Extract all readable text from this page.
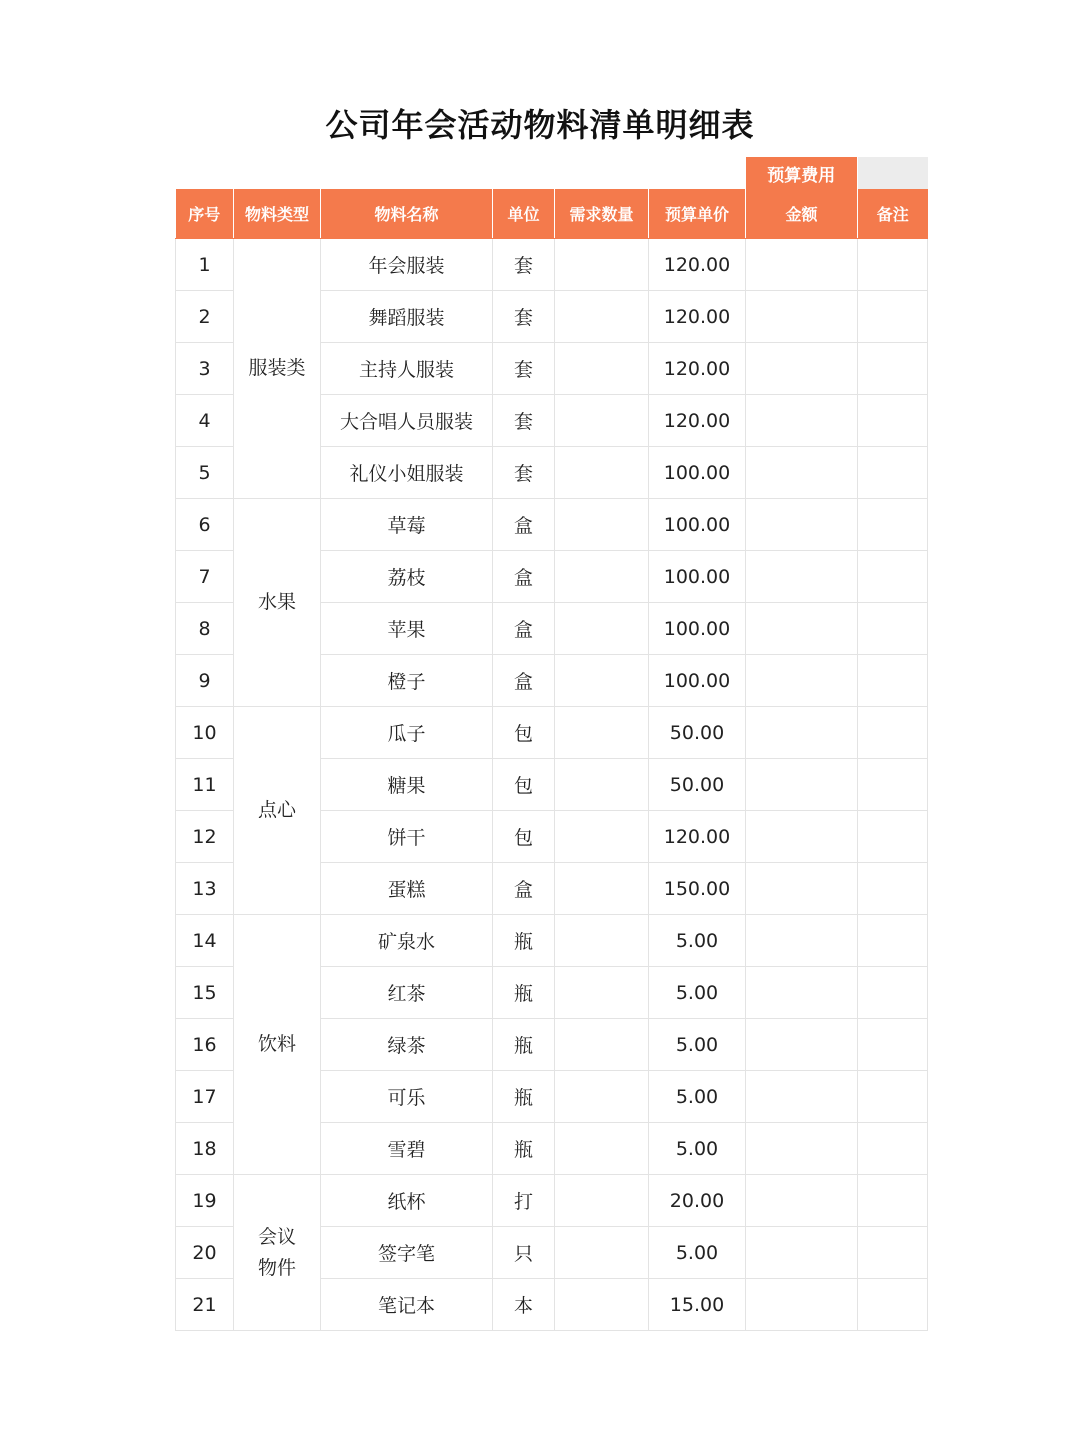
公司年会活动物料清单明细表
						预算费用	
序号	物料类型	物料名称	单位	需求数量	预算单价	金额	备注
1	服装类	年会服装	套		120.00		
2		舞蹈服装	套		120.00		
3		主持人服装	套		120.00		
4		大合唱人员服装	套		120.00		
5		礼仪小姐服装	套		100.00		
6	水果	草莓	盒		100.00		
7		荔枝	盒		100.00		
8		苹果	盒		100.00		
9		橙子	盒		100.00		
10	点心	瓜子	包		50.00		
11		糖果	包		50.00		
12		饼干	包		120.00		
13		蛋糕	盒		150.00		
14	饮料	矿泉水	瓶		5.00		
15		红茶	瓶		5.00		
16		绿茶	瓶		5.00		
17		可乐	瓶		5.00		
18		雪碧	瓶		5.00		
19	会议物件	纸杯	打		20.00		
20		签字笔	只		5.00		
21		笔记本	本		15.00		
